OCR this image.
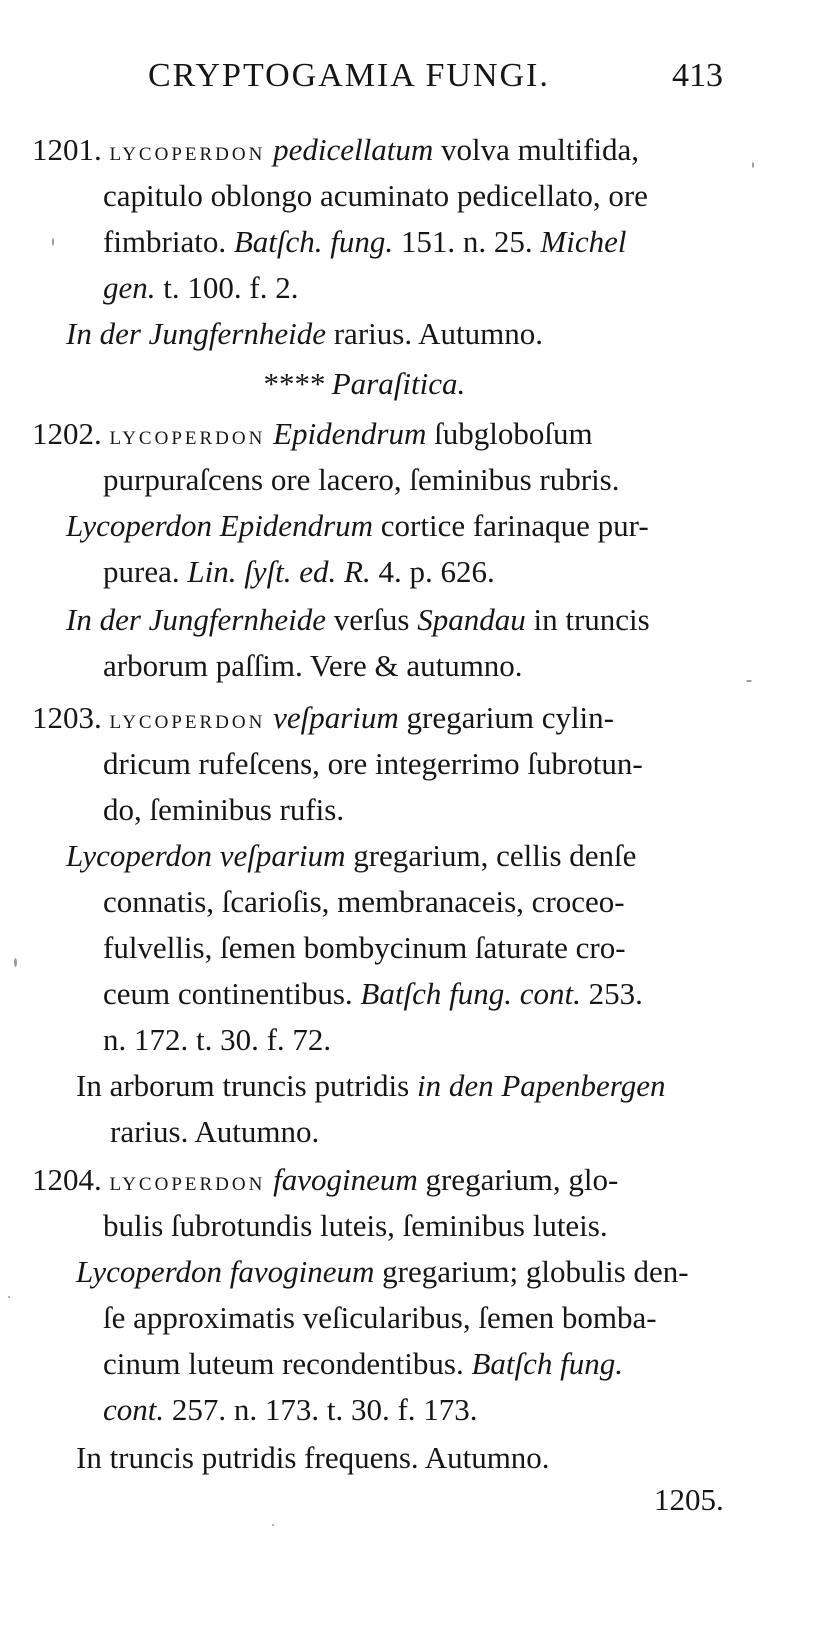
CRYPTOGAMIA FUNGI.	413
1201. LYCOPERDON pedicellatum volva multifida,
capitulo oblongo acuminato pedicellato, ore
fimbriato. Batſch. fung. 151. n. 25. Michel
gen. t. 100. f. 2.
In der Jungfernheide rarius. Autumno.
**** Paraſitica.
1202. LYCOPERDON Epidendrum ſubgloboſum
purpuraſcens ore lacero, ſeminibus rubris.
Lycoperdon Epidendrum cortice farinaque pur-
purea. Lin. ſyſt. ed. R. 4. p. 626.
In der Jungfernheide verſus Spandau in truncis
arborum paſſim. Vere & autumno.
1203. LYCOPERDON veſparium gregarium cylin-
dricum rufeſcens, ore integerrimo ſubrotun-
do, ſeminibus rufis.
Lycoperdon veſparium gregarium, cellis denſe
connatis, ſcarioſis, membranaceis, croceo-
fulvellis, ſemen bombycinum ſaturate cro-
ceum continentibus. Batſch fung. cont. 253.
n. 172. t. 30. f. 72.
In arborum truncis putridis in den Papenbergen
rarius. Autumno.
1204. LYCOPERDON favogineum gregarium, glo-
bulis ſubrotundis luteis, ſeminibus luteis.
Lycoperdon favogineum gregarium; globulis den-
ſe approximatis veſicularibus, ſemen bomba-
cinum luteum recondentibus. Batſch fung.
cont. 257. n. 173. t. 30. f. 173.
In truncis putridis frequens. Autumno.
1205.
